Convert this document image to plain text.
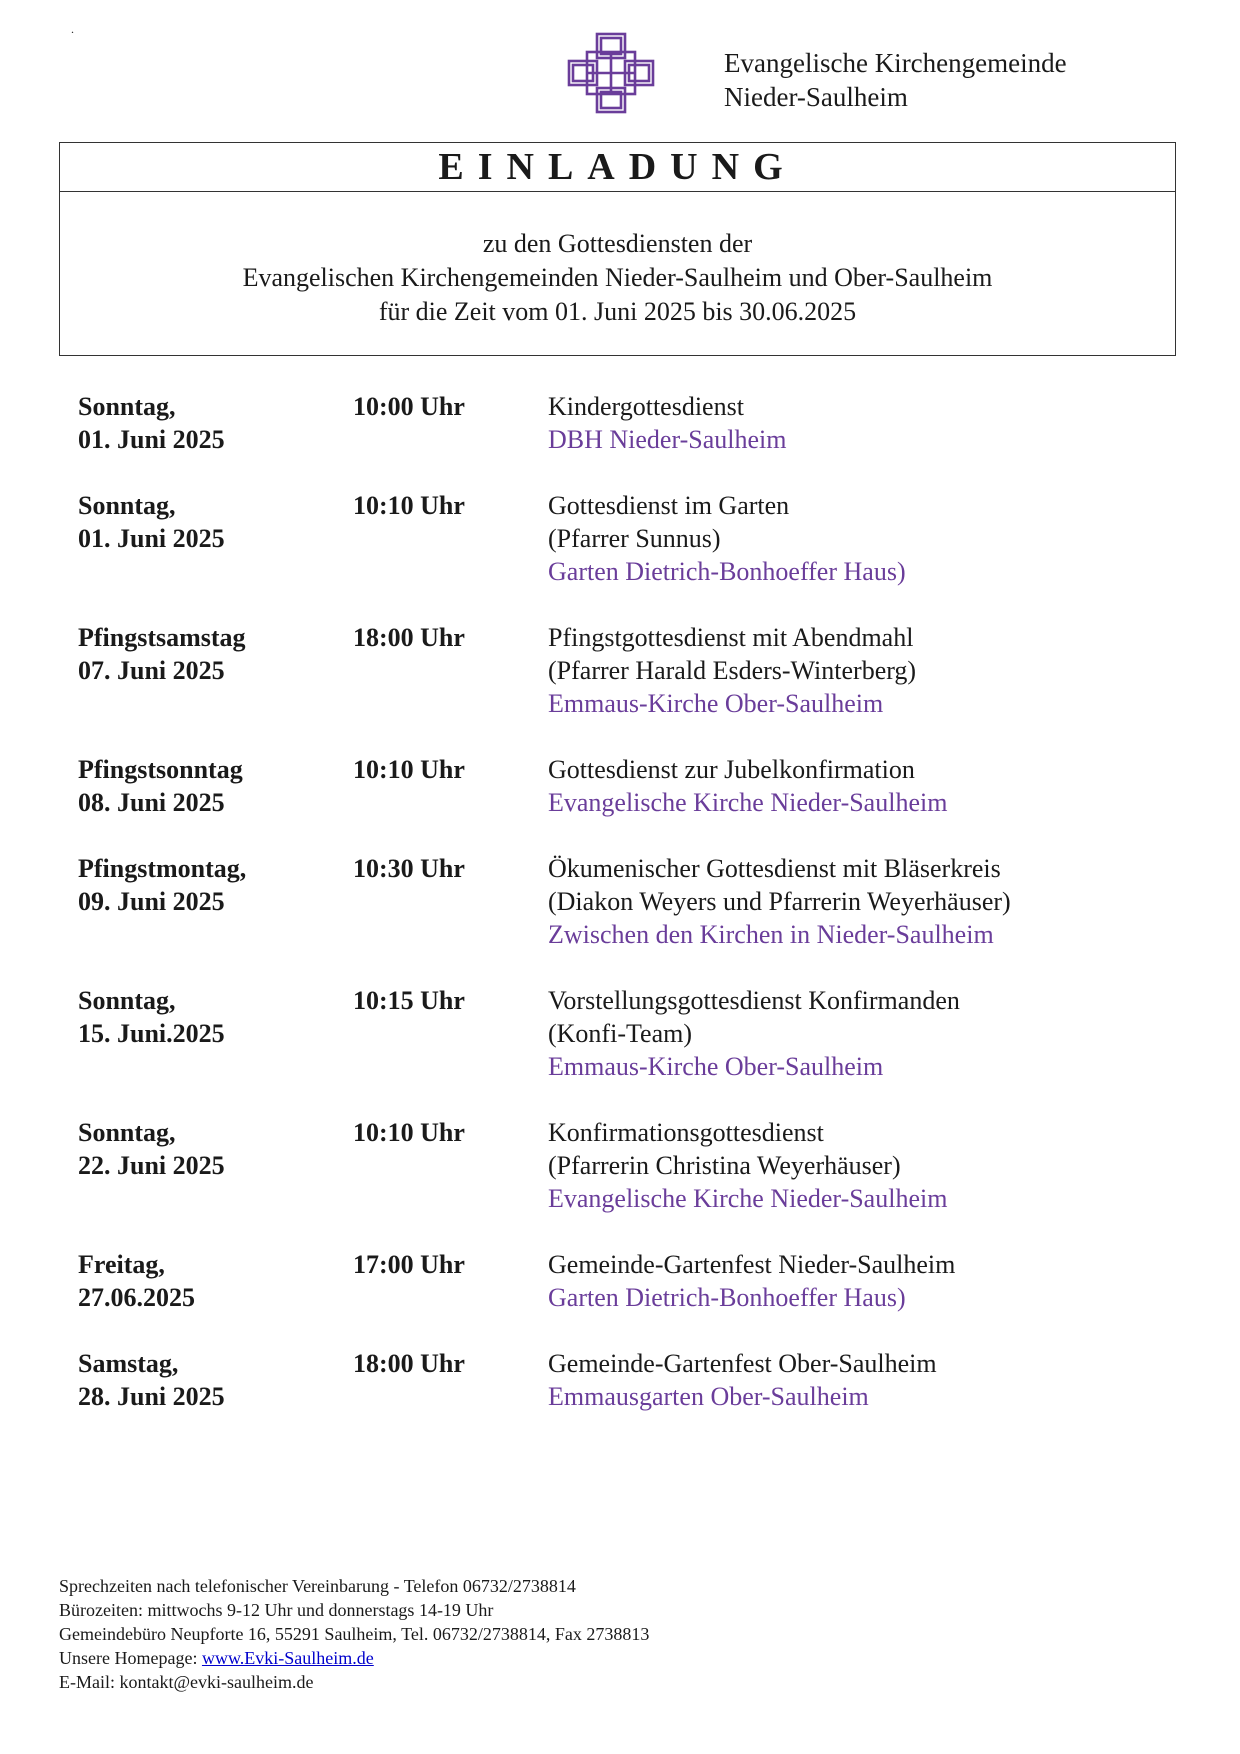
.
Evangelische Kirchengemeinde
Nieder-Saulheim
EINLADUNG
zu den Gottesdiensten der
Evangelischen Kirchengemeinden Nieder-Saulheim und Ober-Saulheim
für die Zeit vom 01. Juni 2025 bis 30.06.2025
Sonntag,
01. Juni 2025
10:00 Uhr	Kindergottesdienst
DBH Nieder-Saulheim
Sonntag,
01. Juni 2025
10:10 Uhr	Gottesdienst im Garten
(Pfarrer Sunnus)
Garten Dietrich-Bonhoeffer Haus)
Pfingstsamstag
07. Juni 2025
18:00 Uhr	Pfingstgottesdienst mit Abendmahl
(Pfarrer Harald Esders-Winterberg)
Emmaus-Kirche Ober-Saulheim
Pfingstsonntag
08. Juni 2025
10:10 Uhr	Gottesdienst zur Jubelkonfirmation
Evangelische Kirche Nieder-Saulheim
Pfingstmontag,
09. Juni 2025
10:30 Uhr	Ökumenischer Gottesdienst mit Bläserkreis
(Diakon Weyers und Pfarrerin Weyerhäuser)
Zwischen den Kirchen in Nieder-Saulheim
Sonntag,
15. Juni.2025
10:15 Uhr	Vorstellungsgottesdienst Konfirmanden
(Konfi-Team)
Emmaus-Kirche Ober-Saulheim
Sonntag,
22. Juni 2025
10:10 Uhr	Konfirmationsgottesdienst
(Pfarrerin Christina Weyerhäuser)
Evangelische Kirche Nieder-Saulheim
Freitag,
27.06.2025
17:00 Uhr	Gemeinde-Gartenfest Nieder-Saulheim
Garten Dietrich-Bonhoeffer Haus)
Samstag,
28. Juni 2025
18:00 Uhr	Gemeinde-Gartenfest Ober-Saulheim
Emmausgarten Ober-Saulheim
Sprechzeiten nach telefonischer Vereinbarung - Telefon 06732/2738814
Bürozeiten: mittwochs 9-12 Uhr und donnerstags 14-19 Uhr
Gemeindebüro Neupforte 16, 55291 Saulheim, Tel. 06732/2738814, Fax 2738813
Unsere Homepage: www.Evki-Saulheim.de
E-Mail: kontakt@evki-saulheim.de
